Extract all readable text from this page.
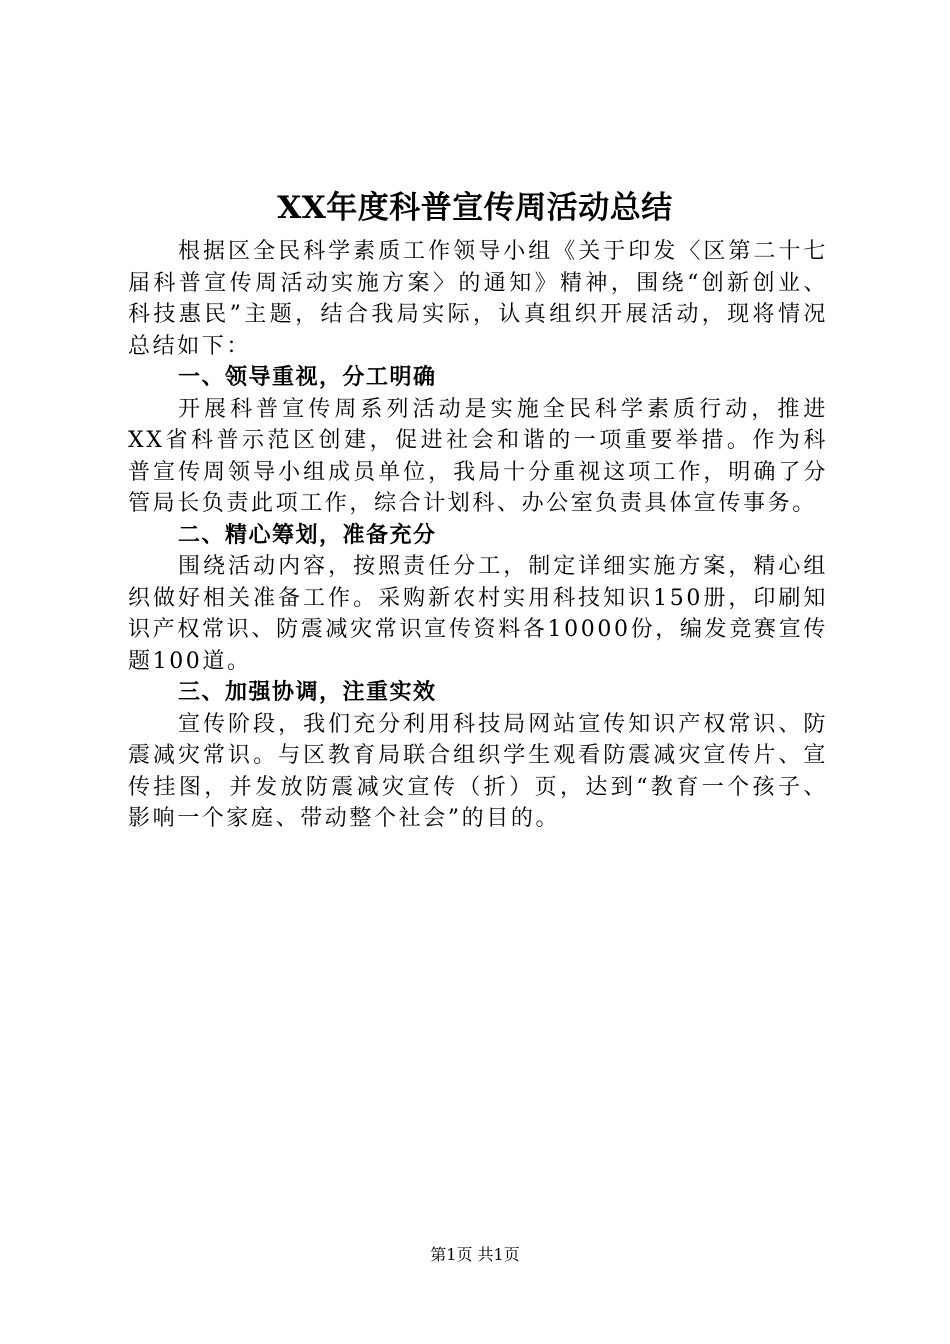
XX年度科普宣传周活动总结

根据区全民科学素质工作领导小组《关于印发〈区第二十七届科普宣传周活动实施方案〉的通知》精神，围绕“创新创业、科技惠民”主题，结合我局实际，认真组织开展活动，现将情况总结如下：

一、领导重视，分工明确

开展科普宣传周系列活动是实施全民科学素质行动，推进XX省科普示范区创建，促进社会和谐的一项重要举措。作为科普宣传周领导小组成员单位，我局十分重视这项工作，明确了分管局长负责此项工作，综合计划科、办公室负责具体宣传事务。

二、精心筹划，准备充分

围绕活动内容，按照责任分工，制定详细实施方案，精心组织做好相关准备工作。采购新农村实用科技知识150册，印刷知识产权常识、防震减灾常识宣传资料各10000份，编发竞赛宣传题100道。

三、加强协调，注重实效

宣传阶段，我们充分利用科技局网站宣传知识产权常识、防震减灾常识。与区教育局联合组织学生观看防震减灾宣传片、宣传挂图，并发放防震减灾宣传（折）页，达到“教育一个孩子、影响一个家庭、带动整个社会”的目的。

第1页 共1页
